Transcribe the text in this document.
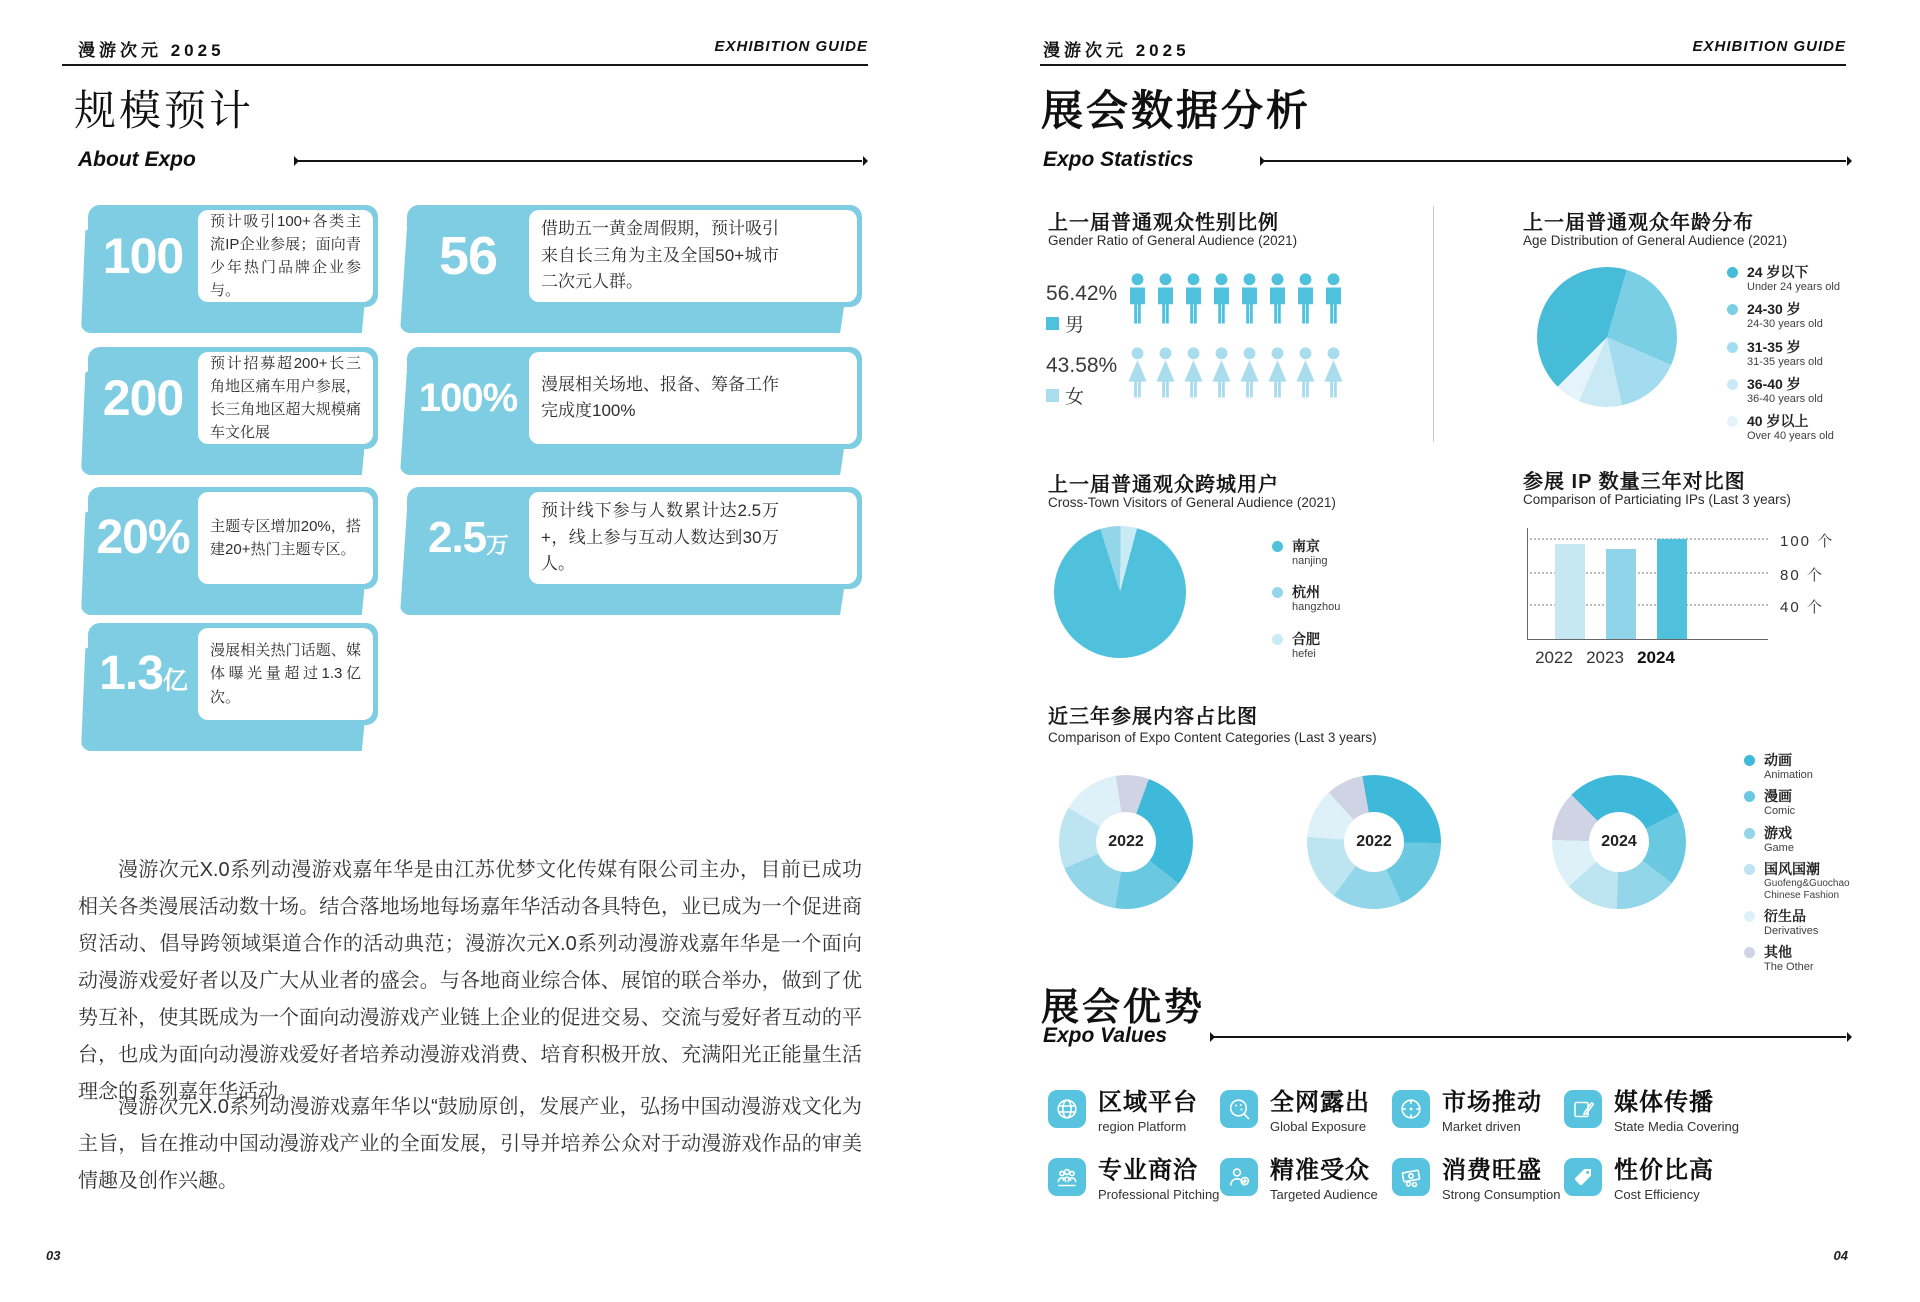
漫游次元 2025	EXHIBITION GUIDE
规模预计
About Expo
100

预计吸引100+各类主流IP企业参展；面向青少年热门品牌企业参与。

56	借助五一黄金周假期，预计吸引来自长三角为主及全国50+城市二次元人群。

200

预计招募超200+长三角地区痛车用户参展，长三角地区超大规模痛车文化展

100% 漫展相关场地、报备、筹备工作完成度100%

20% 主题专区增加20%，搭建20+热门主题专区。 2.5 万

预计线下参与人数累计达2.5万+，线上参与互动人数达到30万人。

1.3 亿

漫展相关热门话题、媒体曝光量超过1.3亿次。

漫游次元X.0系列动漫游戏嘉年华是由江苏优梦文化传媒有限公司主办，目前已成功相关各类漫展活动数十场。结合落地场地每场嘉年华活动各具特色，业已成为一个促进商贸活动、倡导跨领域渠道合作的活动典范；漫游次元X.0系列动漫游戏嘉年华是一个面向动漫游戏爱好者以及广大从业者的盛会。与各地商业综合体、展馆的联合举办，做到了优势互补，使其既成为一个面向动漫游戏产业链上企业的促进交易、交流与爱好者互动的平台，也成为面向动漫游戏爱好者培养动漫游戏消费、培育积极开放、充满阳光正能量生活理念的系列嘉年华活动。

漫游次元X.0系列动漫游戏嘉年华以“鼓励原创，发展产业，弘扬中国动漫游戏文化为主旨，旨在推动中国动漫游戏产业的全面发展，引导并培养公众对于动漫游戏作品的审美情趣及创作兴趣。

03
漫游次元 2025	EXHIBITION GUIDE
展会数据分析
Expo Statistics
上一届普通观众性别比例
Gender Ratio of General Audience (2021)
56.42%
男
43.58%
女
上一届普通观众年龄分布
Age Distribution of General Audience (2021)
24 岁以下
Under 24 years old
24-30 岁
24-30 years old
31-35 岁
31-35 years old
36-40 岁
36-40 years old
40 岁以上
Over 40 years old
上一届普通观众跨城用户
Cross-Town Visitors of General Audience (2021)
南京
nanjing
杭州
hangzhou
合肥
hefei
参展 IP 数量三年对比图
Comparison of Particiating IPs (Last 3 years)
100 个
80 个
40 个
2022 2023 2024
近三年参展内容占比图
Comparison of Expo Content Categories (Last 3 years)
2022	2022	2024
动画
Animation
漫画
Comic
游戏
Game
国风国潮
Guofeng&Guochao Chinese Fashion
衍生品
Derivatives
其他
The Other
展会优势
Expo Values
区域平台
region Platform
全网露出
Global Exposure
市场推动
Market driven
媒体传播
State Media Covering
专业商洽
Professional Pitching
精准受众
Targeted Audience
消费旺盛
Strong Consumption
性价比高
Cost Efficiency
04
